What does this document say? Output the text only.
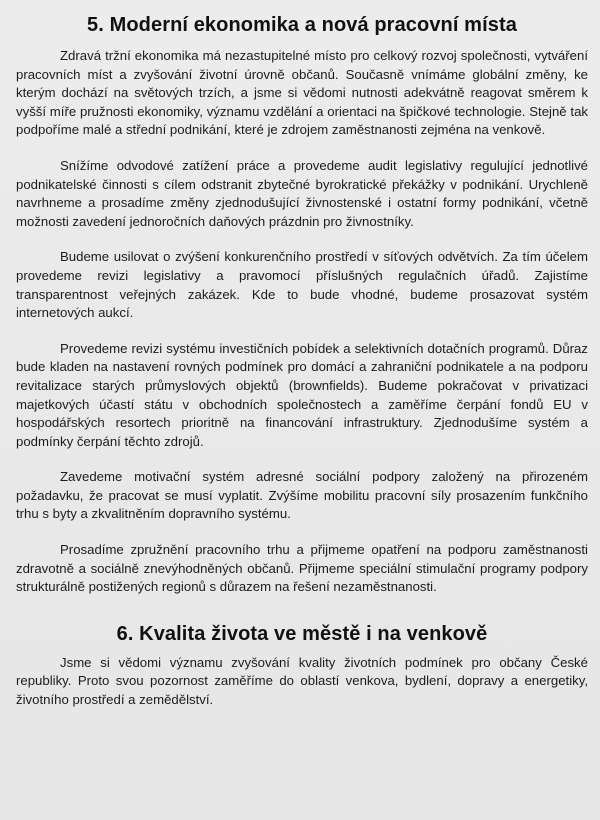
5. Moderní ekonomika a nová pracovní místa

Zdravá tržní ekonomika má nezastupitelné místo pro celkový rozvoj společnosti, vytváření pracovních míst a zvyšování životní úrovně občanů. Současně vnímáme globální změny, ke kterým dochází na světových trzích, a jsme si vědomi nutnosti adekvátně reagovat směrem k vyšší míře pružnosti ekonomiky, významu vzdělání a orientaci na špičkové technologie. Stejně tak podpoříme malé a střední podnikání, které je zdrojem zaměstnanosti zejména na venkově.

Snížíme odvodové zatížení práce a provedeme audit legislativy regulující jednotlivé podnikatelské činnosti s cílem odstranit zbytečné byrokratické překážky v podnikání. Urychleně navrhneme a prosadíme změny zjednodušující živnostenské i ostatní formy podnikání, včetně možnosti zavedení jednoročních daňových prázdnin pro živnostníky.

Budeme usilovat o zvýšení konkurenčního prostředí v síťových odvětvích. Za tím účelem provedeme revizi legislativy a pravomocí příslušných regulačních úřadů. Zajistíme transparentnost veřejných zakázek. Kde to bude vhodné, budeme prosazovat systém internetových aukcí.

Provedeme revizi systému investičních pobídek a selektivních dotačních programů. Důraz bude kladen na nastavení rovných podmínek pro domácí a zahraniční podnikatele a na podporu revitalizace starých průmyslových objektů (brownfields). Budeme pokračovat v privatizaci majetkových účastí státu v obchodních společnostech a zaměříme čerpání fondů EU v hospodářských resortech prioritně na financování infrastruktury. Zjednodušíme systém a podmínky čerpání těchto zdrojů.

Zavedeme motivační systém adresné sociální podpory založený na přirozeném požadavku, že pracovat se musí vyplatit. Zvýšíme mobilitu pracovní síly prosazením funkčního trhu s byty a zkvalitněním dopravního systému.

Prosadíme zpružnění pracovního trhu a přijmeme opatření na podporu zaměstnanosti zdravotně a sociálně znevýhodněných občanů. Přijmeme speciální stimulační programy podpory strukturálně postižených regionů s důrazem na řešení nezaměstnanosti.

6. Kvalita života ve městě i na venkově

Jsme si vědomi významu zvyšování kvality životních podmínek pro občany České republiky. Proto svou pozornost zaměříme do oblastí venkova, bydlení, dopravy a energetiky, životního prostředí a zemědělství.
